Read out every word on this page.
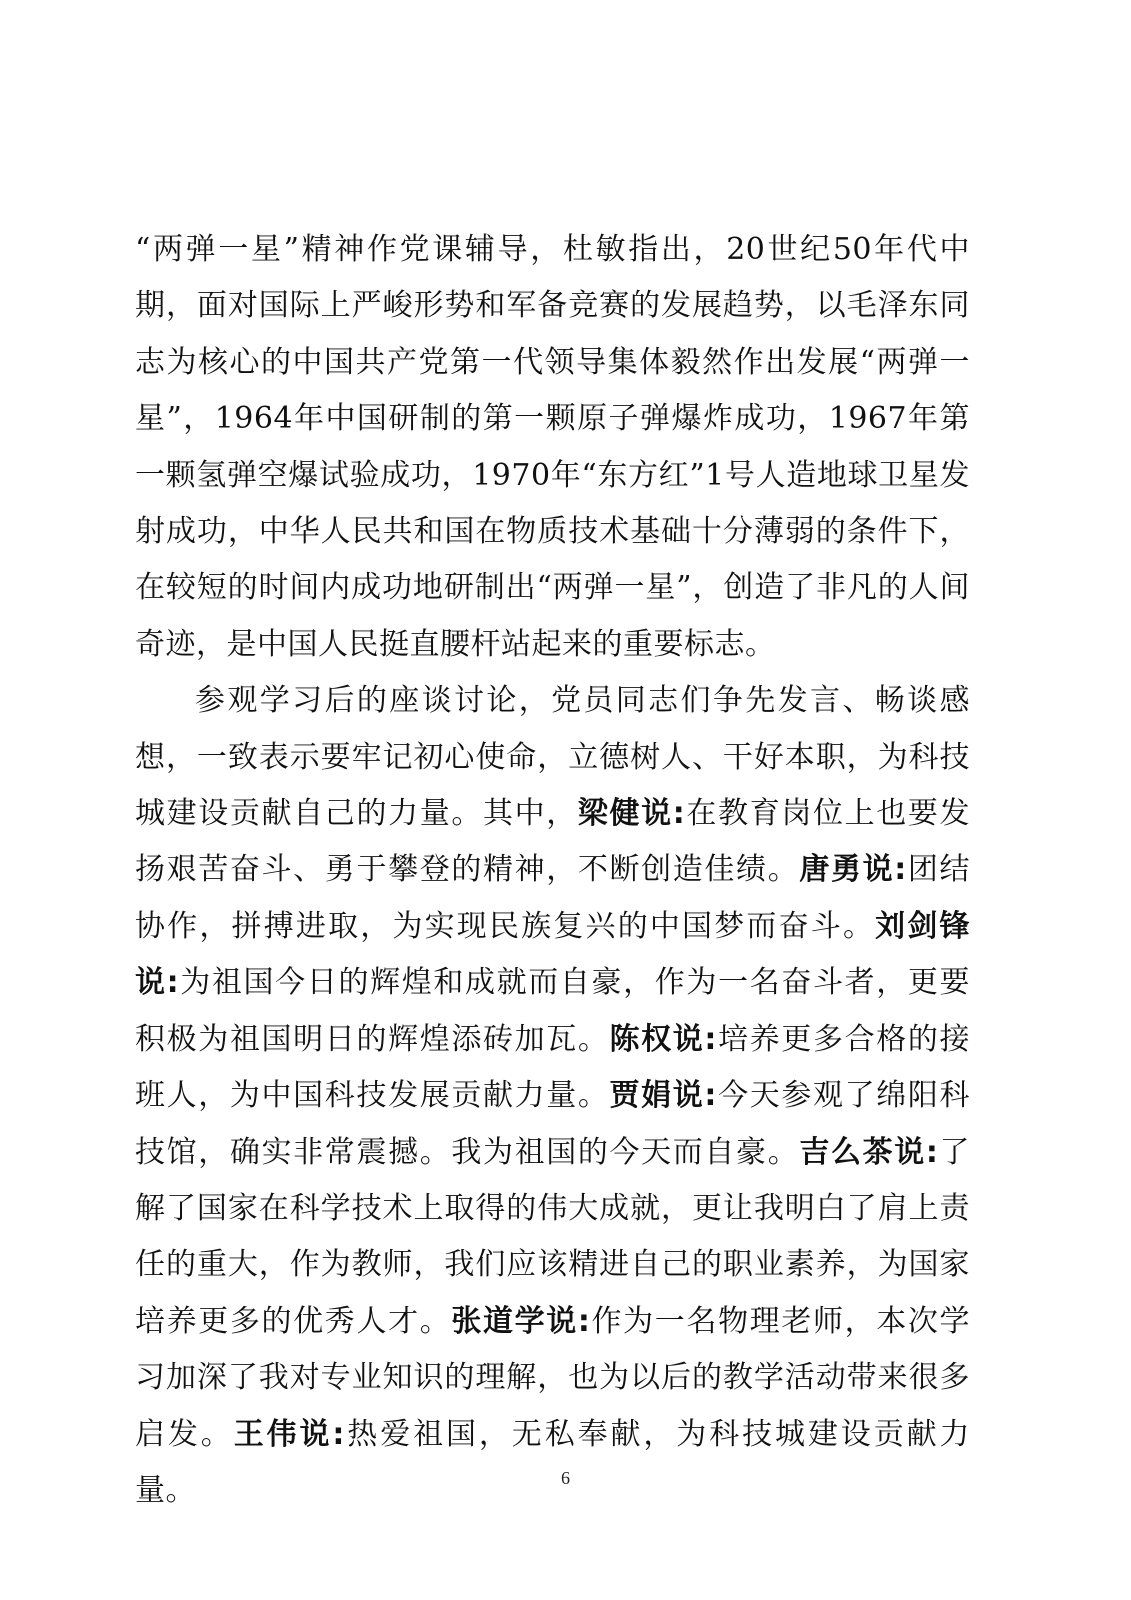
“两弹一星”精神作党课辅导，杜敏指出，20世纪50年代中期，面对国际上严峻形势和军备竞赛的发展趋势，以毛泽东同志为核心的中国共产党第一代领导集体毅然作出发展“两弹一星”，1964年中国研制的第一颗原子弹爆炸成功，1967年第一颗氢弹空爆试验成功，1970年“东方红”1号人造地球卫星发射成功，中华人民共和国在物质技术基础十分薄弱的条件下，在较短的时间内成功地研制出“两弹一星”，创造了非凡的人间奇迹，是中国人民挺直腰杆站起来的重要标志。

参观学习后的座谈讨论，党员同志们争先发言、畅谈感想，一致表示要牢记初心使命，立德树人、干好本职，为科技城建设贡献自己的力量。其中，梁健说:在教育岗位上也要发扬艰苦奋斗、勇于攀登的精神，不断创造佳绩。唐勇说:团结协作，拼搏进取，为实现民族复兴的中国梦而奋斗。刘剑锋说:为祖国今日的辉煌和成就而自豪，作为一名奋斗者，更要积极为祖国明日的辉煌添砖加瓦。陈权说:培养更多合格的接班人，为中国科技发展贡献力量。贾娟说:今天参观了绵阳科技馆，确实非常震撼。我为祖国的今天而自豪。吉么茶说:了解了国家在科学技术上取得的伟大成就，更让我明白了肩上责任的重大，作为教师，我们应该精进自己的职业素养，为国家培养更多的优秀人才。张道学说:作为一名物理老师，本次学习加深了我对专业知识的理解，也为以后的教学活动带来很多启发。王伟说:热爱祖国，无私奉献，为科技城建设贡献力量。	6
